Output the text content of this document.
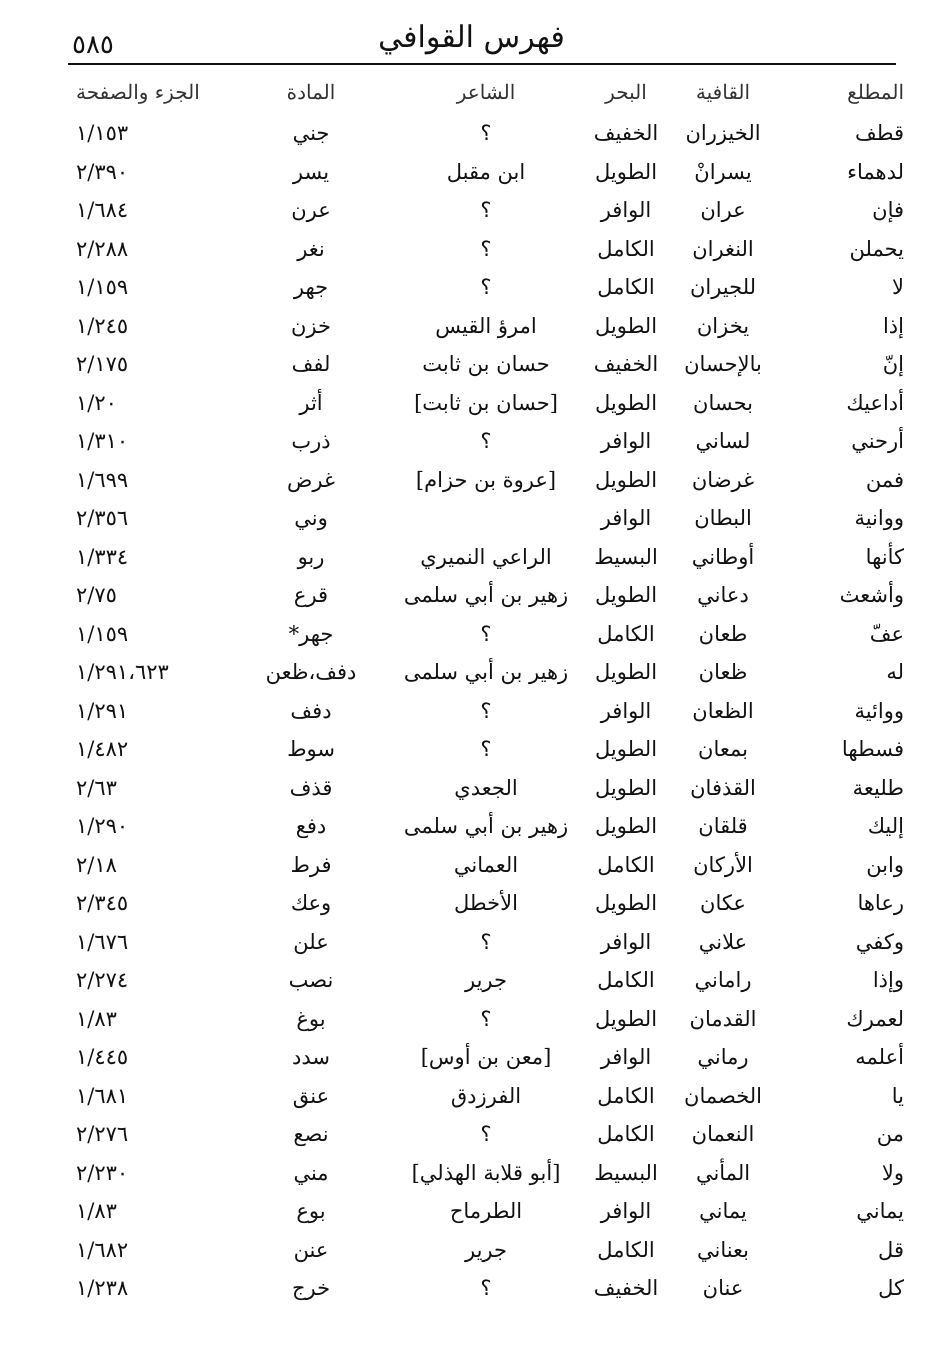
٥٨٥	فهرس القوافي
المطلع	القافية	البحر	الشاعر	المادة	الجزء والصفحة
قطف	الخيزران	الخفيف	؟	جني	١/١٥٣
لدهماء	يسرانْ	الطويل	ابن مقبل	يسر	٢/٣٩٠
فإن	عران	الوافر	؟	عرن	١/٦٨٤
يحملن	النغران	الكامل	؟	نغر	٢/٢٨٨
لا	للجيران	الكامل	؟	جهر	١/١٥٩
إذا	يخزان	الطويل	امرؤ القيس	خزن	١/٢٤٥
إنّ	بالإحسان	الخفيف	حسان بن ثابت	لفف	٢/١٧٥
أداعيك	بحسان	الطويل	[حسان بن ثابت]	أثر	١/٢٠
أرحني	لساني	الوافر	؟	ذرب	١/٣١٠
فمن	غرضان	الطويل	[عروة بن حزام]	غرض	١/٦٩٩
ووانية	البطان	الوافر		وني	٢/٣٥٦
كأنها	أوطاني	البسيط	الراعي النميري	ربو	١/٣٣٤
وأشعث	دعاني	الطويل	زهير بن أبي سلمى	قرع	٢/٧٥
عفّ	طعان	الكامل	؟	جهر*	١/١٥٩
له	ظعان	الطويل	زهير بن أبي سلمى	دفف،ظعن	١/٢٩١،٦٢٣
ووائية	الظعان	الوافر	؟	دفف	١/٢٩١
فسطها	بمعان	الطويل	؟	سوط	١/٤٨٢
طليعة	القذفان	الطويل	الجعدي	قذف	٢/٦٣
إليك	قلقان	الطويل	زهير بن أبي سلمى	دفع	١/٢٩٠
وابن	الأركان	الكامل	العماني	فرط	٢/١٨
رعاها	عكان	الطويل	الأخطل	وعك	٢/٣٤٥
وكفي	علاني	الوافر	؟	علن	١/٦٧٦
وإذا	راماني	الكامل	جرير	نصب	٢/٢٧٤
لعمرك	القدمان	الطويل	؟	بوغ	١/٨٣
أعلمه	رماني	الوافر	[معن بن أوس]	سدد	١/٤٤٥
يا	الخصمان	الكامل	الفرزدق	عنق	١/٦٨١
من	النعمان	الكامل	؟	نصع	٢/٢٧٦
ولا	المأني	البسيط	[أبو قلابة الهذلي]	مني	٢/٢٣٠
يماني	يماني	الوافر	الطرماح	بوع	١/٨٣
قل	بعناني	الكامل	جرير	عنن	١/٦٨٢
كل	عنان	الخفيف	؟	خرج	١/٢٣٨
